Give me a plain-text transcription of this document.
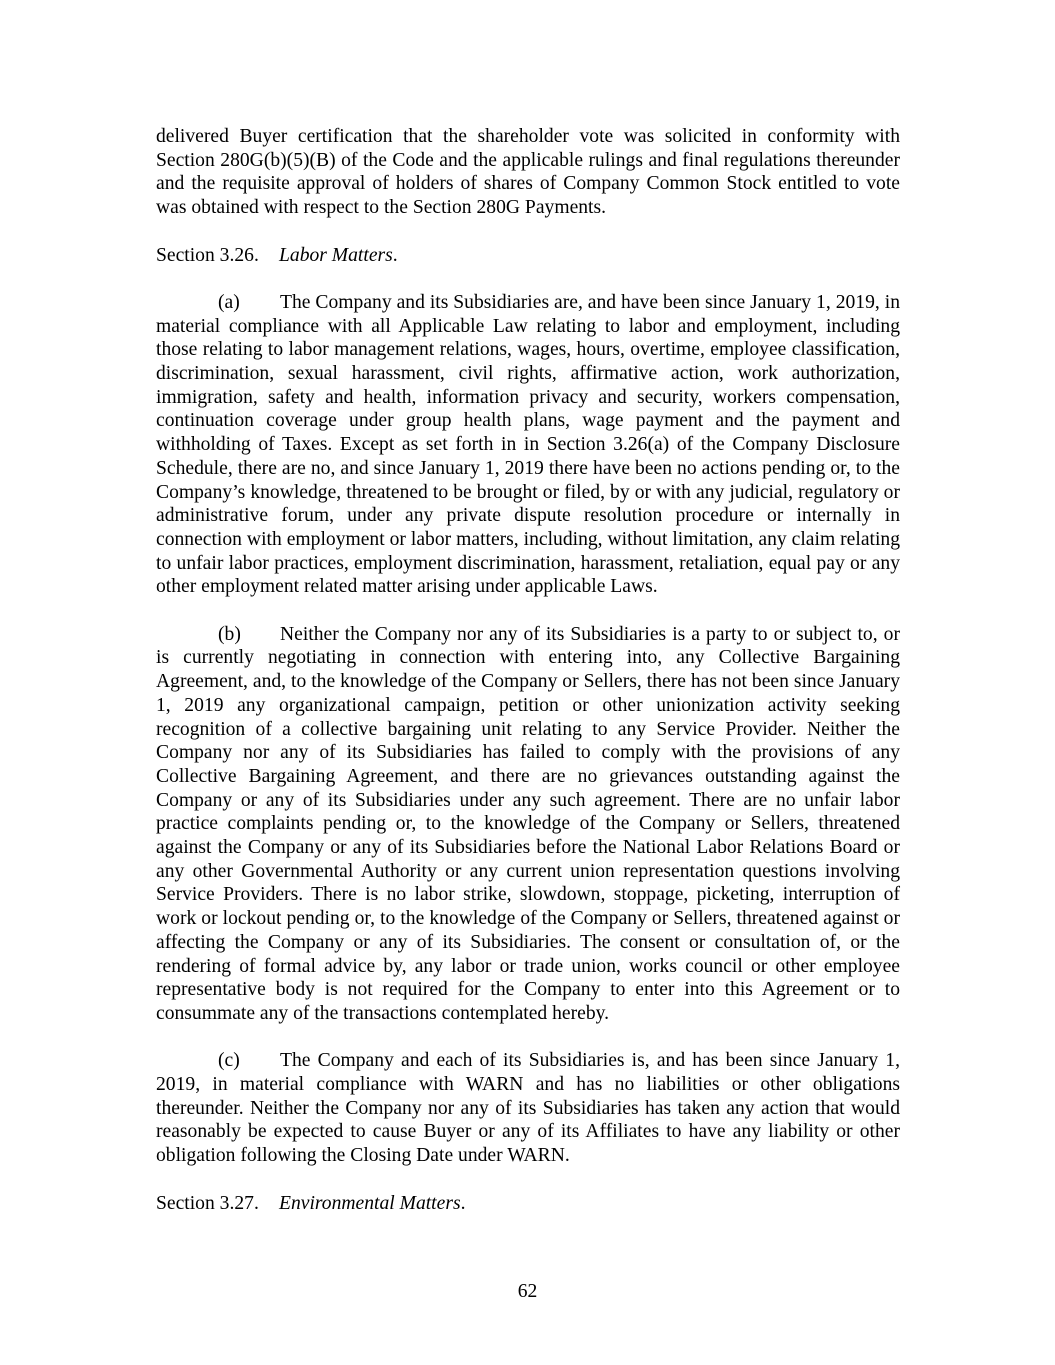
delivered Buyer certification that the shareholder vote was solicited in conformity with Section 280G(b)(5)(B) of the Code and the applicable rulings and final regulations thereunder and the requisite approval of holders of shares of Company Common Stock entitled to vote was obtained with respect to the Section 280G Payments.

Section 3.26. Labor Matters.

(a) The Company and its Subsidiaries are, and have been since January 1, 2019, in material compliance with all Applicable Law relating to labor and employment, including those relating to labor management relations, wages, hours, overtime, employee classification, discrimination, sexual harassment, civil rights, affirmative action, work authorization, immigration, safety and health, information privacy and security, workers compensation, continuation coverage under group health plans, wage payment and the payment and withholding of Taxes. Except as set forth in in Section 3.26(a) of the Company Disclosure Schedule, there are no, and since January 1, 2019 there have been no actions pending or, to the Company’s knowledge, threatened to be brought or filed, by or with any judicial, regulatory or administrative forum, under any private dispute resolution procedure or internally in connection with employment or labor matters, including, without limitation, any claim relating to unfair labor practices, employment discrimination, harassment, retaliation, equal pay or any other employment related matter arising under applicable Laws.

(b) Neither the Company nor any of its Subsidiaries is a party to or subject to, or is currently negotiating in connection with entering into, any Collective Bargaining Agreement, and, to the knowledge of the Company or Sellers, there has not been since January 1, 2019 any organizational campaign, petition or other unionization activity seeking recognition of a collective bargaining unit relating to any Service Provider. Neither the Company nor any of its Subsidiaries has failed to comply with the provisions of any Collective Bargaining Agreement, and there are no grievances outstanding against the Company or any of its Subsidiaries under any such agreement. There are no unfair labor practice complaints pending or, to the knowledge of the Company or Sellers, threatened against the Company or any of its Subsidiaries before the National Labor Relations Board or any other Governmental Authority or any current union representation questions involving Service Providers. There is no labor strike, slowdown, stoppage, picketing, interruption of work or lockout pending or, to the knowledge of the Company or Sellers, threatened against or affecting the Company or any of its Subsidiaries. The consent or consultation of, or the rendering of formal advice by, any labor or trade union, works council or other employee representative body is not required for the Company to enter into this Agreement or to consummate any of the transactions contemplated hereby.

(c) The Company and each of its Subsidiaries is, and has been since January 1, 2019, in material compliance with WARN and has no liabilities or other obligations thereunder. Neither the Company nor any of its Subsidiaries has taken any action that would reasonably be expected to cause Buyer or any of its Affiliates to have any liability or other obligation following the Closing Date under WARN.

Section 3.27. Environmental Matters.

62
